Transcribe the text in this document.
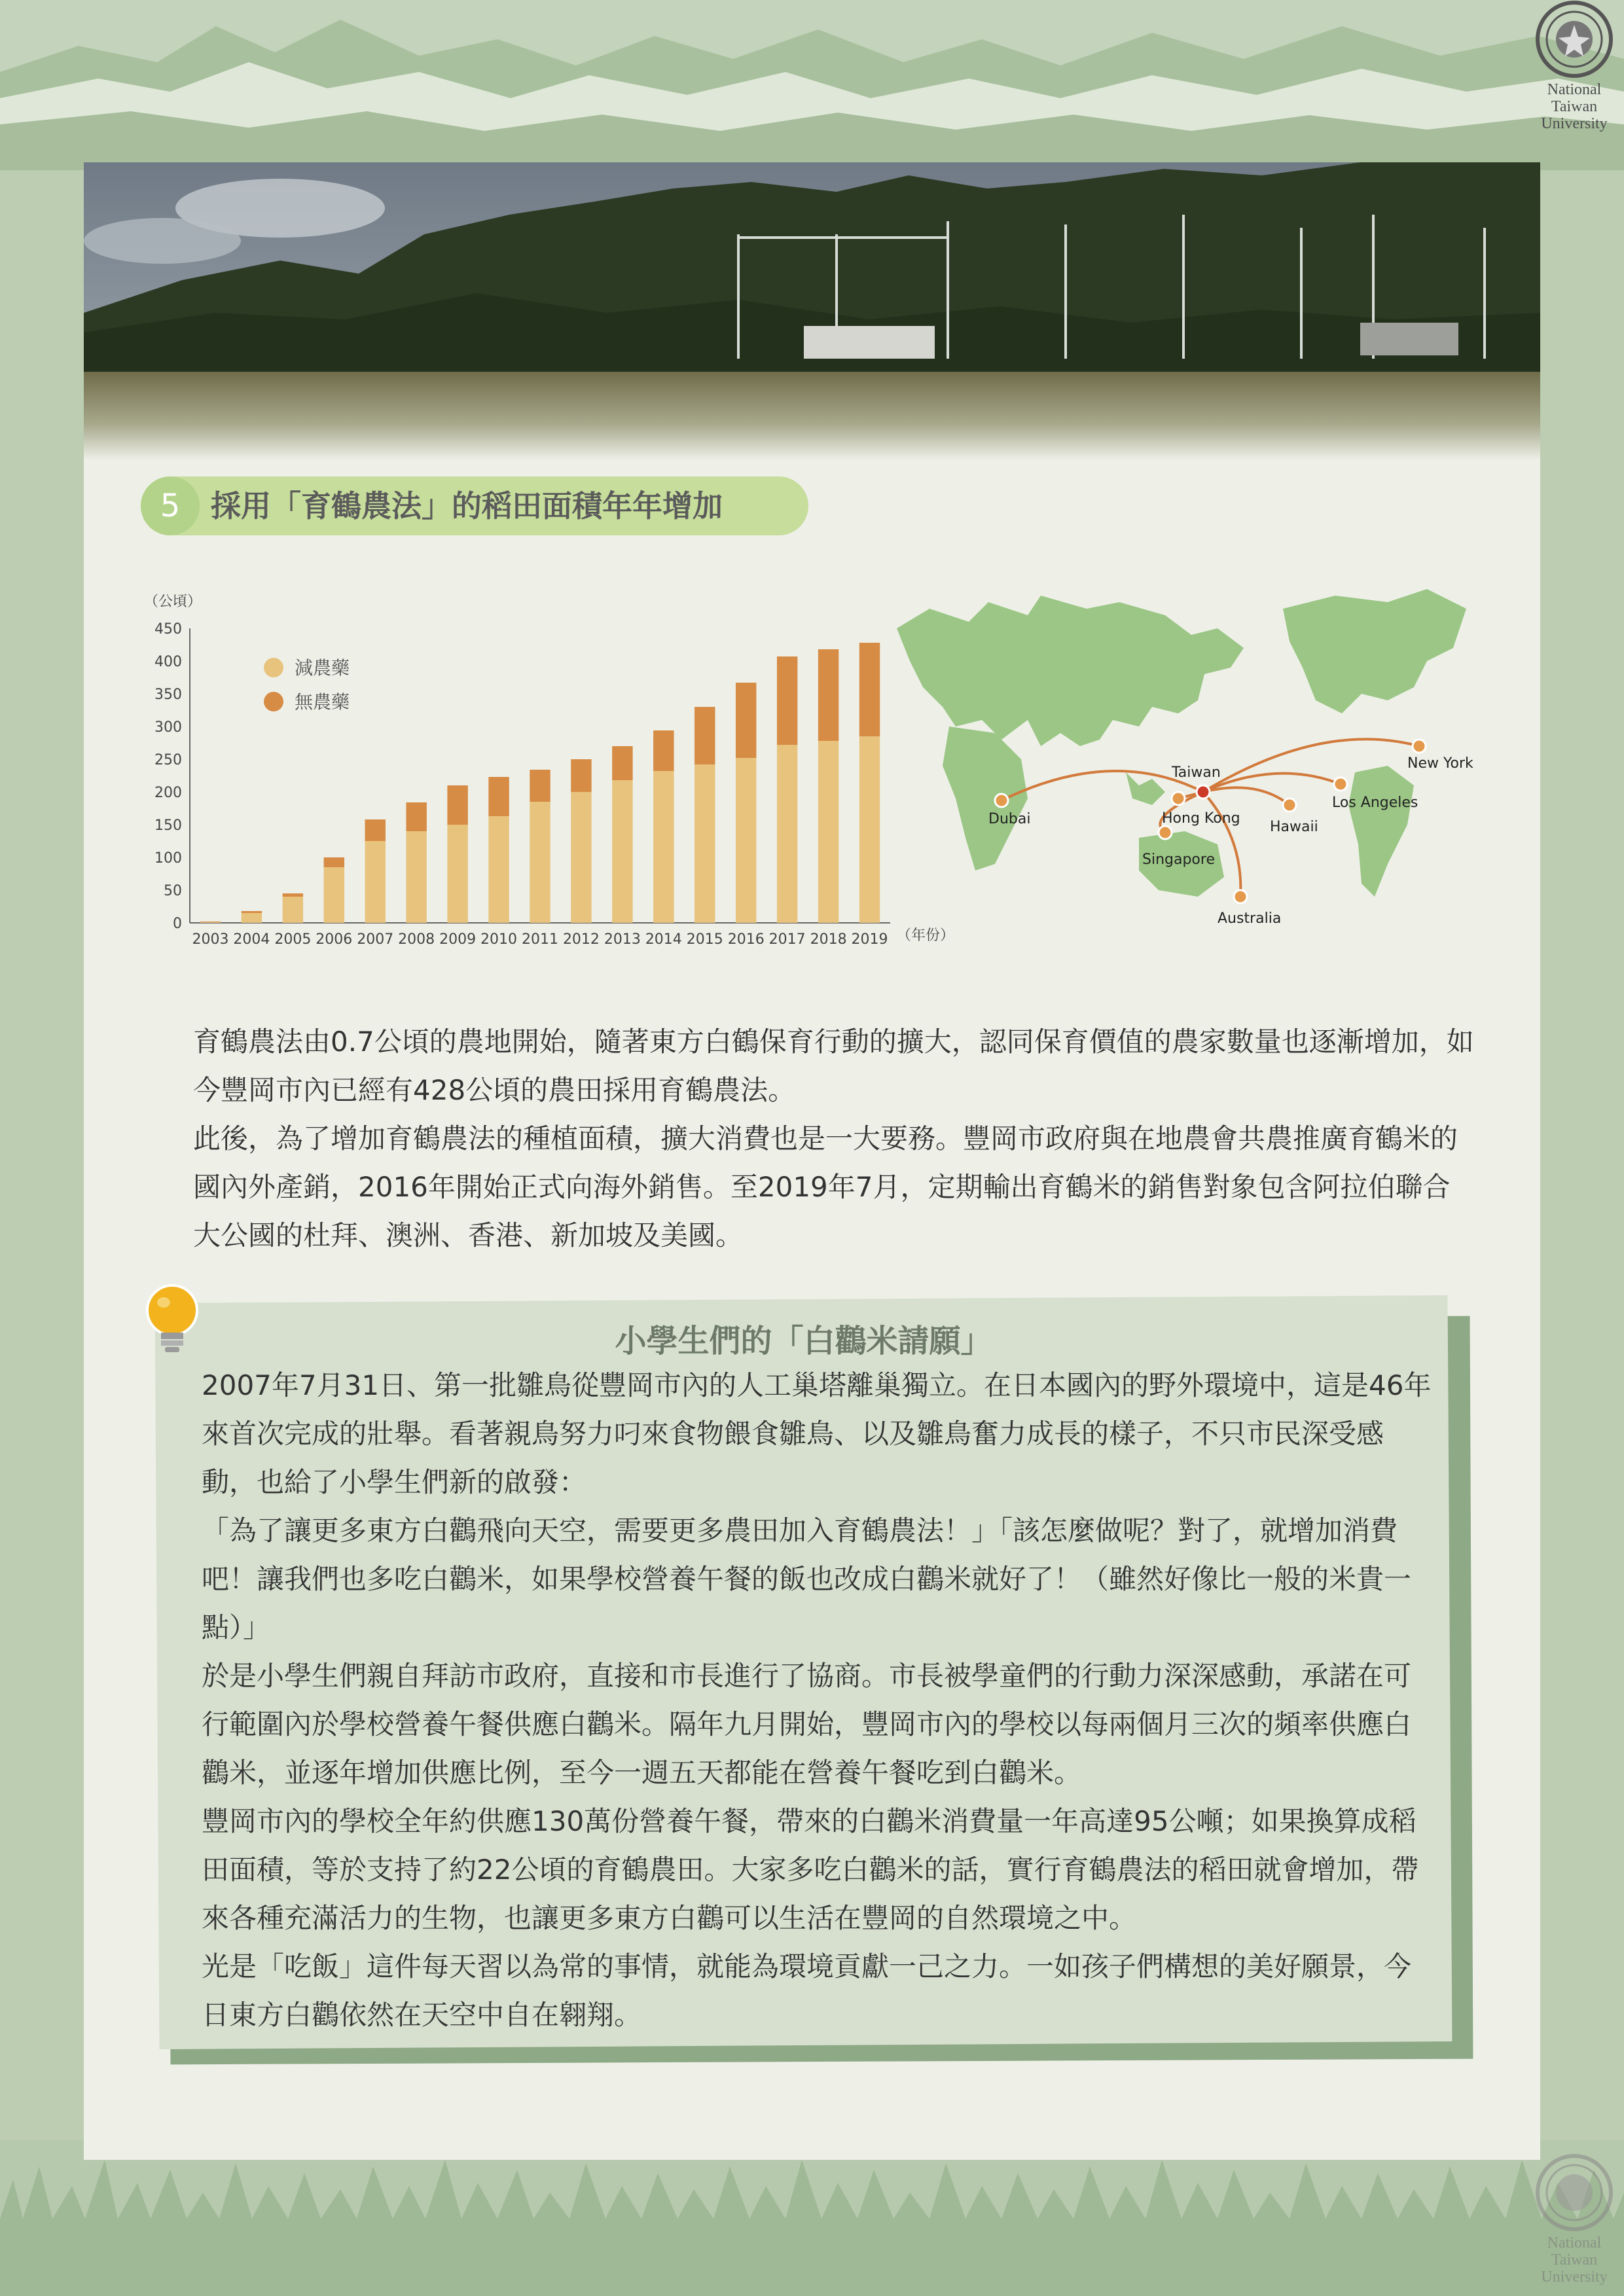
National
Taiwan
University
National
Taiwan
University
5	採用「育鶴農法」的稻田面積年年增加
（公頃）
0
50
100
150
200
250
300
350
400
450
2003 2004 2005 2006 2007 2008 2009 2010 2011 2012 2013 2014 2015 2016 2017 2018 2019 （年份）
減農藥
無農藥
Taiwan
Dubai	Hong Kong
Singapore
Australia
Hawaii
Los Angeles
New York

育鶴農法由0.7公頃的農地開始，隨著東方白鶴保育行動的擴大，認同保育價值的農家數量也逐漸增加，如今豐岡市內已經有428公頃的農田採用育鶴農法。

此後，為了增加育鶴農法的種植面積，擴大消費也是一大要務。豐岡市政府與在地農會共農推廣育鶴米的國內外產銷，2016年開始正式向海外銷售。至2019年7月，定期輸出育鶴米的銷售對象包含阿拉伯聯合大公國的杜拜、澳洲、香港、新加坡及美國。

小學生們的「白鸛米請願」

2007年7月31日、第一批雛鳥從豐岡市內的人工巢塔離巢獨立。在日本國內的野外環境中，這是46年來首次完成的壯舉。看著親鳥努力叼來食物餵食雛鳥、以及雛鳥奮力成長的樣子，不只市民深受感動，也給了小學生們新的啟發：

「為了讓更多東方白鸛飛向天空，需要更多農田加入育鶴農法！」「該怎麼做呢？對了，就增加消費吧！讓我們也多吃白鸛米，如果學校營養午餐的飯也改成白鸛米就好了！（雖然好像比一般的米貴一點）」

於是小學生們親自拜訪市政府，直接和市長進行了協商。市長被學童們的行動力深深感動，承諾在可行範圍內於學校營養午餐供應白鸛米。隔年九月開始，豐岡市內的學校以每兩個月三次的頻率供應白鸛米，並逐年增加供應比例，至今一週五天都能在營養午餐吃到白鸛米。

豐岡市內的學校全年約供應130萬份營養午餐，帶來的白鸛米消費量一年高達95公噸；如果換算成稻田面積，等於支持了約22公頃的育鶴農田。大家多吃白鸛米的話，實行育鶴農法的稻田就會增加，帶來各種充滿活力的生物，也讓更多東方白鸛可以生活在豐岡的自然環境之中。

光是「吃飯」這件每天習以為常的事情，就能為環境貢獻一己之力。一如孩子們構想的美好願景，今日東方白鸛依然在天空中自在翱翔。
